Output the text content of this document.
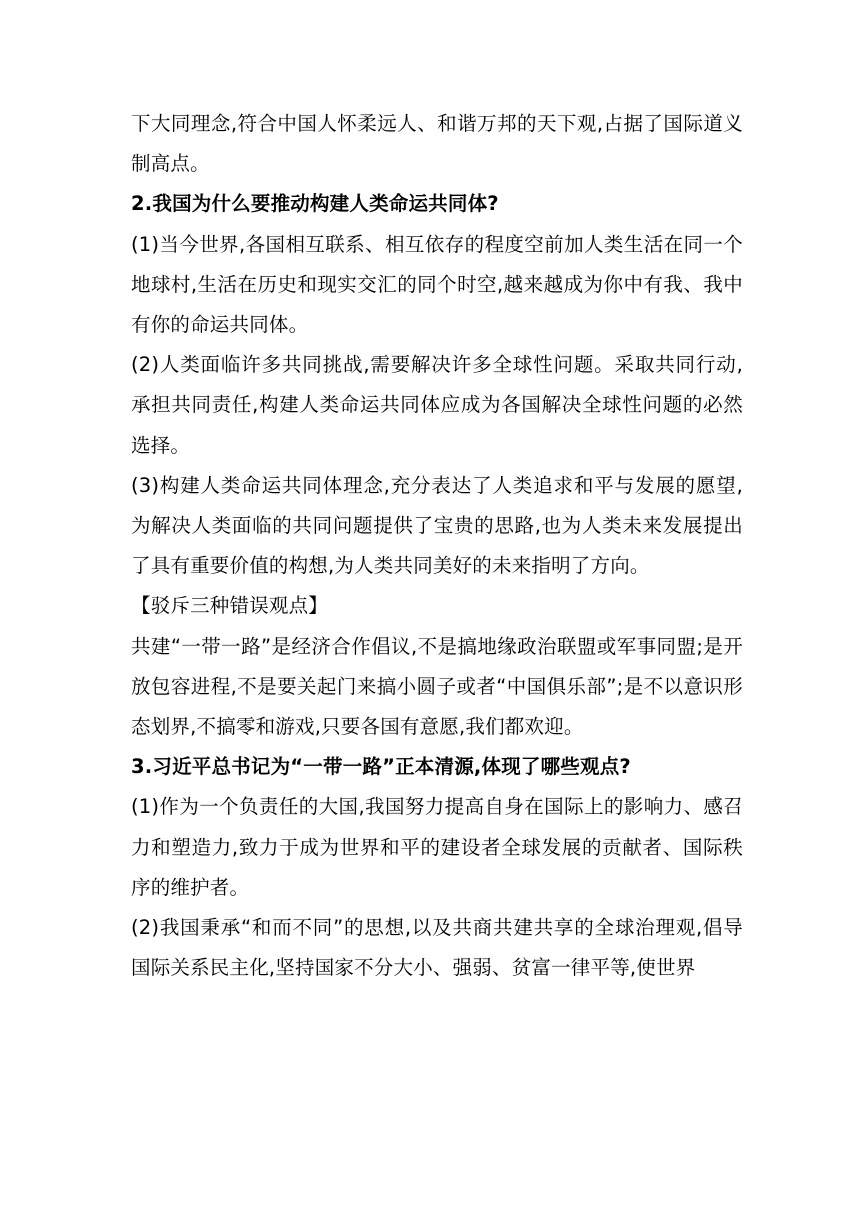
下大同理念,符合中国人怀柔远人、和谐万邦的天下观,占据了国际道义制高点。

2.我国为什么要推动构建人类命运共同体?

(1)当今世界,各国相互联系、相互依存的程度空前加人类生活在同一个地球村,生活在历史和现实交汇的同个时空,越来越成为你中有我、我中有你的命运共同体。

(2)人类面临许多共同挑战,需要解决许多全球性问题。采取共同行动,承担共同责任,构建人类命运共同体应成为各国解决全球性问题的必然选择。

(3)构建人类命运共同体理念,充分表达了人类追求和平与发展的愿望,为解决人类面临的共同问题提供了宝贵的思路,也为人类未来发展提出了具有重要价值的构想,为人类共同美好的未来指明了方向。

【驳斥三种错误观点】

共建“一带一路”是经济合作倡议,不是搞地缘政治联盟或军事同盟;是开放包容进程,不是要关起门来搞小圆子或者“中国俱乐部”;是不以意识形态划界,不搞零和游戏,只要各国有意愿,我们都欢迎。

3.习近平总书记为“一带一路”正本清源,体现了哪些观点?

(1)作为一个负责任的大国,我国努力提高自身在国际上的影响力、感召力和塑造力,致力于成为世界和平的建设者全球发展的贡献者、国际秩序的维护者。

(2)我国秉承“和而不同”的思想,以及共商共建共享的全球治理观,倡导国际关系民主化,坚持国家不分大小、强弱、贫富一律平等,使世界
